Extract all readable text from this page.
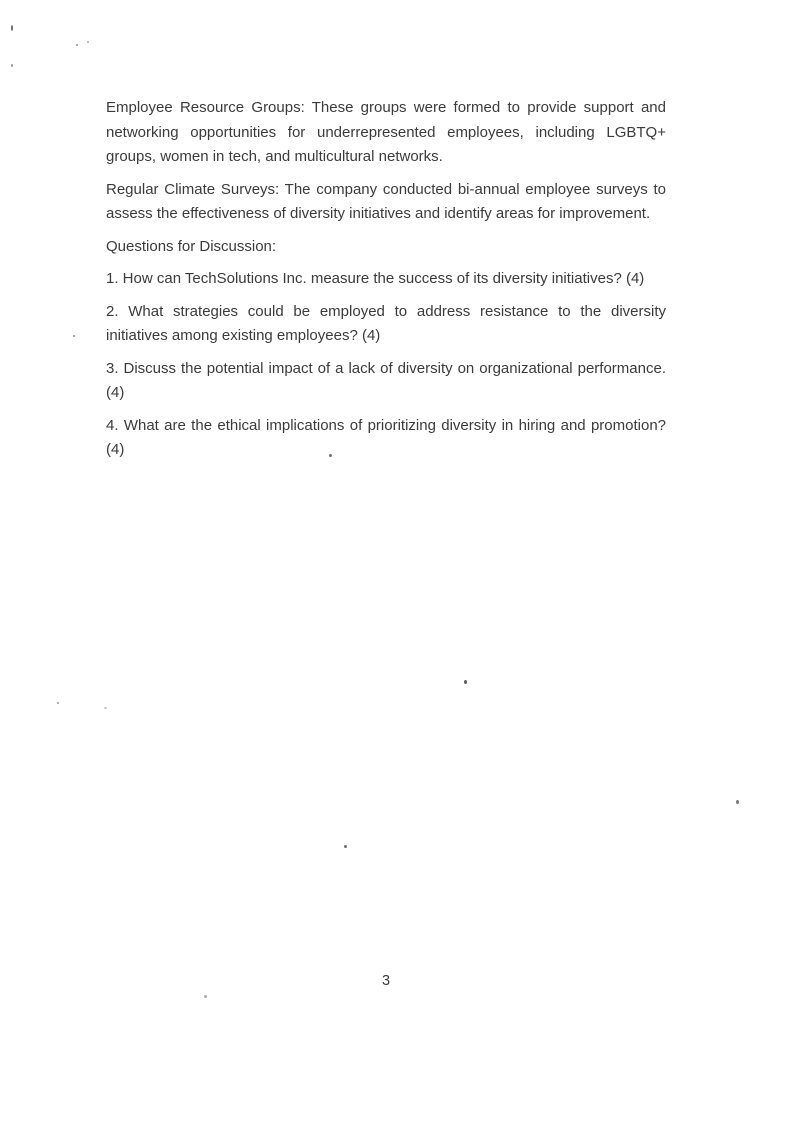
Employee Resource Groups: These groups were formed to provide support and networking opportunities for underrepresented employees, including LGBTQ+ groups, women in tech, and multicultural networks.

Regular Climate Surveys: The company conducted bi-annual employee surveys to assess the effectiveness of diversity initiatives and identify areas for improvement.

Questions for Discussion:

1. How can TechSolutions Inc. measure the success of its diversity initiatives? (4)

2. What strategies could be employed to address resistance to the diversity initiatives among existing employees? (4)

3. Discuss the potential impact of a lack of diversity on organizational performance. (4)

4. What are the ethical implications of prioritizing diversity in hiring and promotion? (4)

3
